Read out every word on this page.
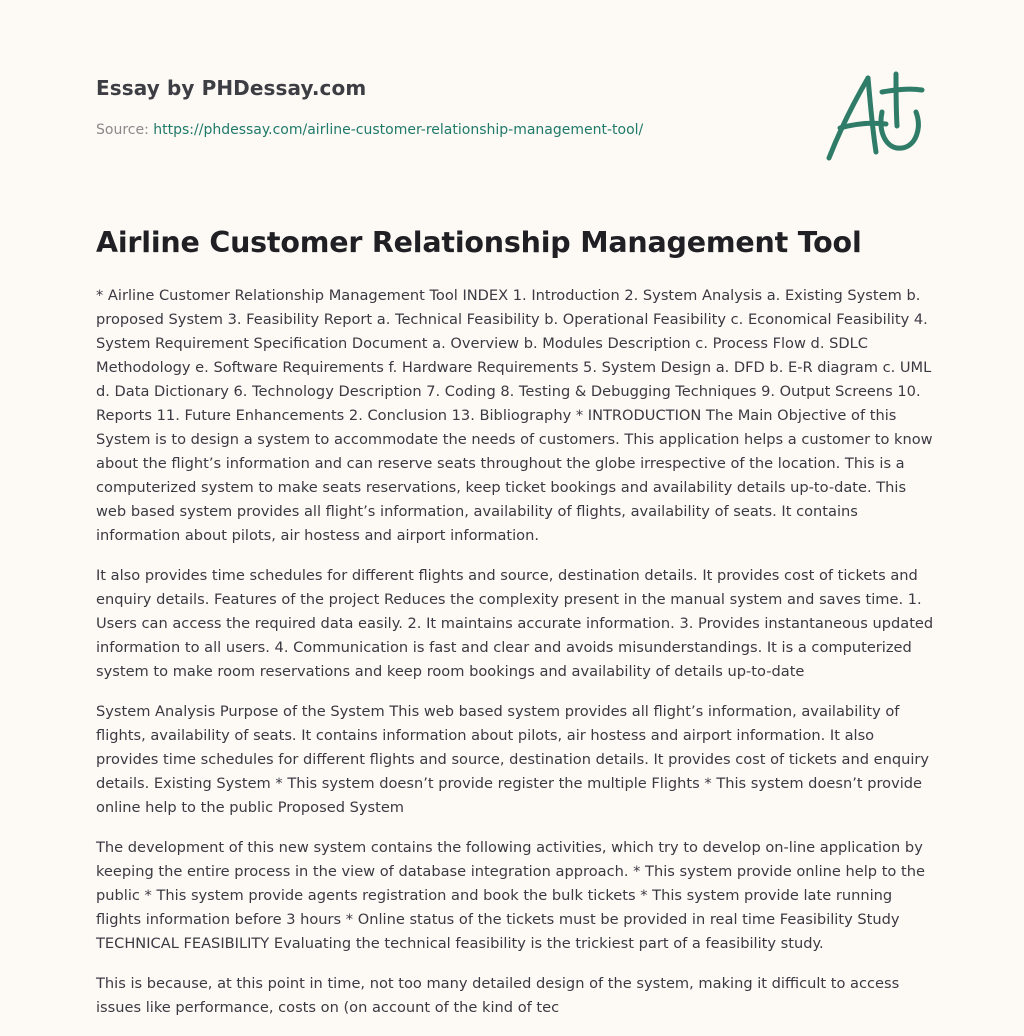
Essay by PHDessay.com
Source: https://phdessay.com/airline-customer-relationship-management-tool/
Airline Customer Relationship Management Tool

* Airline Customer Relationship Management Tool INDEX 1. Introduction 2. System Analysis a. Existing System b. proposed System 3. Feasibility Report a. Technical Feasibility b. Operational Feasibility c. Economical Feasibility 4. System Requirement Specification Document a. Overview b. Modules Description c. Process Flow d. SDLC Methodology e. Software Requirements f. Hardware Requirements 5. System Design a. DFD b. E-R diagram c. UML d. Data Dictionary 6. Technology Description 7. Coding 8. Testing & Debugging Techniques 9. Output Screens 10. Reports 11. Future Enhancements 2. Conclusion 13. Bibliography * INTRODUCTION The Main Objective of this System is to design a system to accommodate the needs of customers. This application helps a customer to know about the flight’s information and can reserve seats throughout the globe irrespective of the location. This is a computerized system to make seats reservations, keep ticket bookings and availability details up-to-date. This web based system provides all flight’s information, availability of flights, availability of seats. It contains information about pilots, air hostess and airport information.

It also provides time schedules for different flights and source, destination details. It provides cost of tickets and enquiry details. Features of the project Reduces the complexity present in the manual system and saves time. 1. Users can access the required data easily. 2. It maintains accurate information. 3. Provides instantaneous updated information to all users. 4. Communication is fast and clear and avoids misunderstandings. It is a computerized system to make room reservations and keep room bookings and availability of details up-to-date

System Analysis Purpose of the System This web based system provides all flight’s information, availability of flights, availability of seats. It contains information about pilots, air hostess and airport information. It also provides time schedules for different flights and source, destination details. It provides cost of tickets and enquiry details. Existing System * This system doesn’t provide register the multiple Flights * This system doesn’t provide online help to the public Proposed System

The development of this new system contains the following activities, which try to develop on-line application by keeping the entire process in the view of database integration approach. * This system provide online help to the public * This system provide agents registration and book the bulk tickets * This system provide late running flights information before 3 hours * Online status of the tickets must be provided in real time Feasibility Study TECHNICAL FEASIBILITY Evaluating the technical feasibility is the trickiest part of a feasibility study.

This is because, at this point in time, not too many detailed design of the system, making it difficult to access issues like performance, costs on (on account of the kind of tec
